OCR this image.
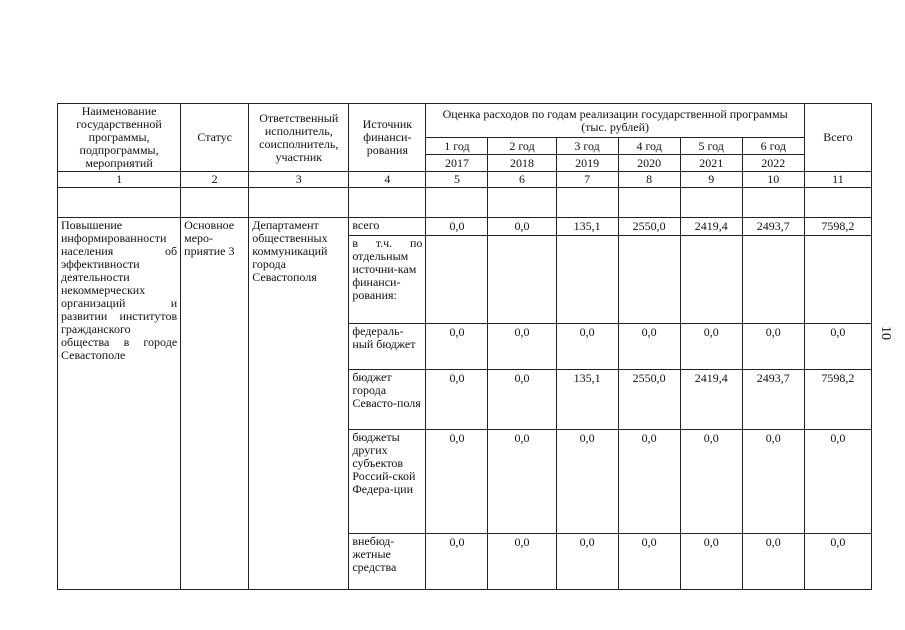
Наименование государственной программы, подпрограммы, мероприятий	Статус	Ответственный исполнитель, соисполнитель, участник	Источник финанси-рования	Оценка расходов по годам реализации государственной программы (тыс. рублей)						Всего
				1 год	2 год	3 год	4 год	5 год	6 год	
				2017	2018	2019	2020	2021	2022	
1	2	3	4	5	6	7	8	9	10	11

Повышение информированности населения об эффективности деятельности некоммерческих организаций и развитии институтов гражданского общества в городе Севастополе	Основное меро-приятие 3	Департамент общественных коммуникаций города Севастополя	всего	0,0	0,0	135,1	2550,0	2419,4	2493,7	7598,2
			в т.ч. по отдельным источни-кам финанси-рования:							
			федераль-ный бюджет	0,0	0,0	0,0	0,0	0,0	0,0	0,0
			бюджет города Севасто-поля	0,0	0,0	135,1	2550,0	2419,4	2493,7	7598,2
			бюджеты других субъектов Россий-ской Федера-ции	0,0	0,0	0,0	0,0	0,0	0,0	0,0
			внебюд-жетные средства	0,0	0,0	0,0	0,0	0,0	0,0	0,0
10
